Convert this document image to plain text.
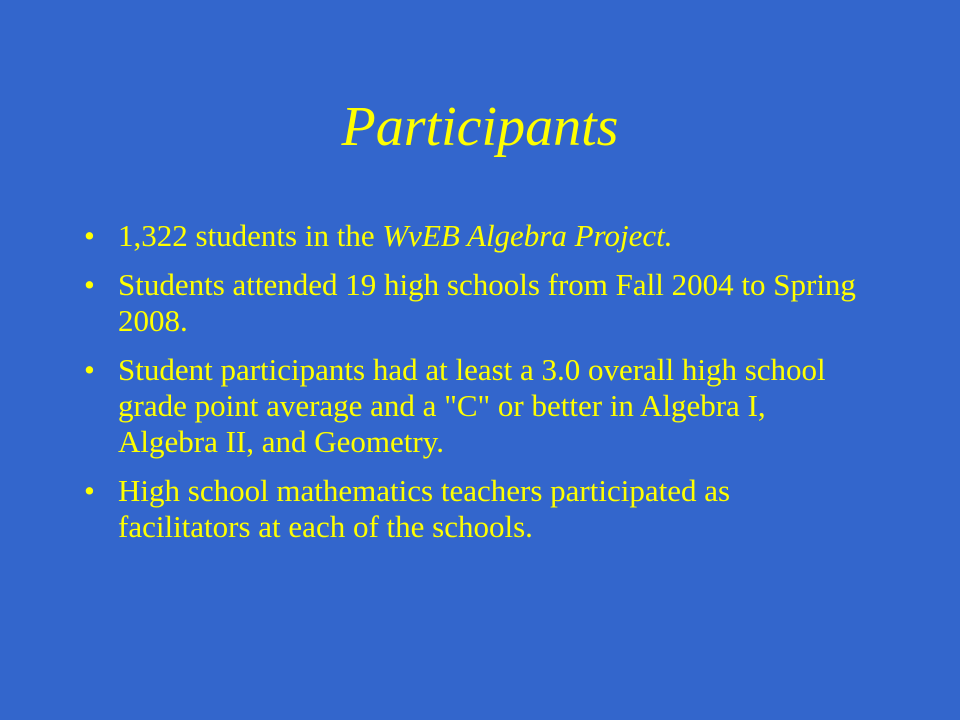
Participants
• 1,322 students in the WvEB Algebra Project.
• Students attended 19 high schools from Fall 2004 to Spring 2008.
• Student participants had at least a 3.0 overall high school grade point average and a "C" or better in Algebra I, Algebra II, and Geometry.
• High school mathematics teachers participated as facilitators at each of the schools.
